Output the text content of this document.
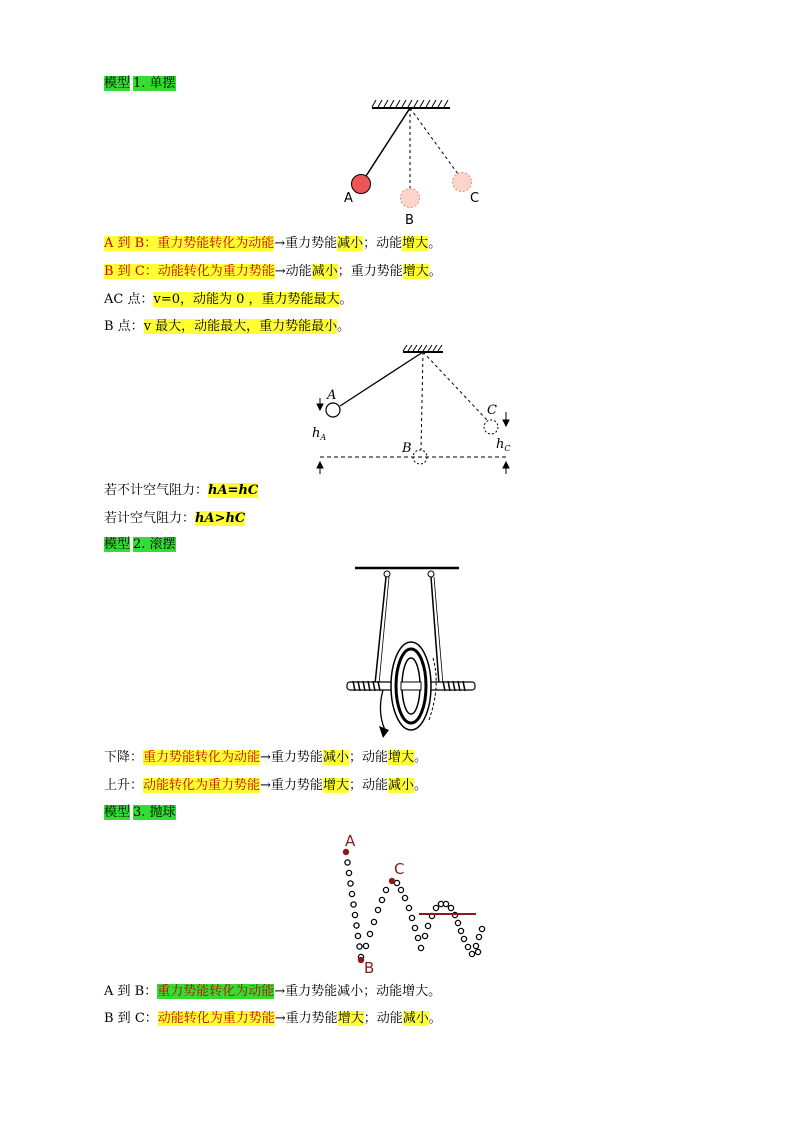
模型 1. 单摆
A
B
C
A 到 B：重力势能转化为动能→重力势能减小；动能增大。
B 到 C：动能转化为重力势能→动能减小；重力势能增大。
AC 点：v=0，动能为 0 ，重力势能最大。
B 点：v 最大，动能最大，重力势能最小。
A
B
C
$h_A$	$h_C$
若不计空气阻力：hA=hC
若计空气阻力：hA>hC
模型 2. 滚摆
下降：重力势能转化为动能→重力势能减小；动能增大。
上升：动能转化为重力势能→重力势能增大；动能减小。
模型 3. 抛球
A
B
C
A 到 B：重力势能转化为动能→重力势能减小；动能增大。
B 到 C：动能转化为重力势能→重力势能增大；动能减小。
